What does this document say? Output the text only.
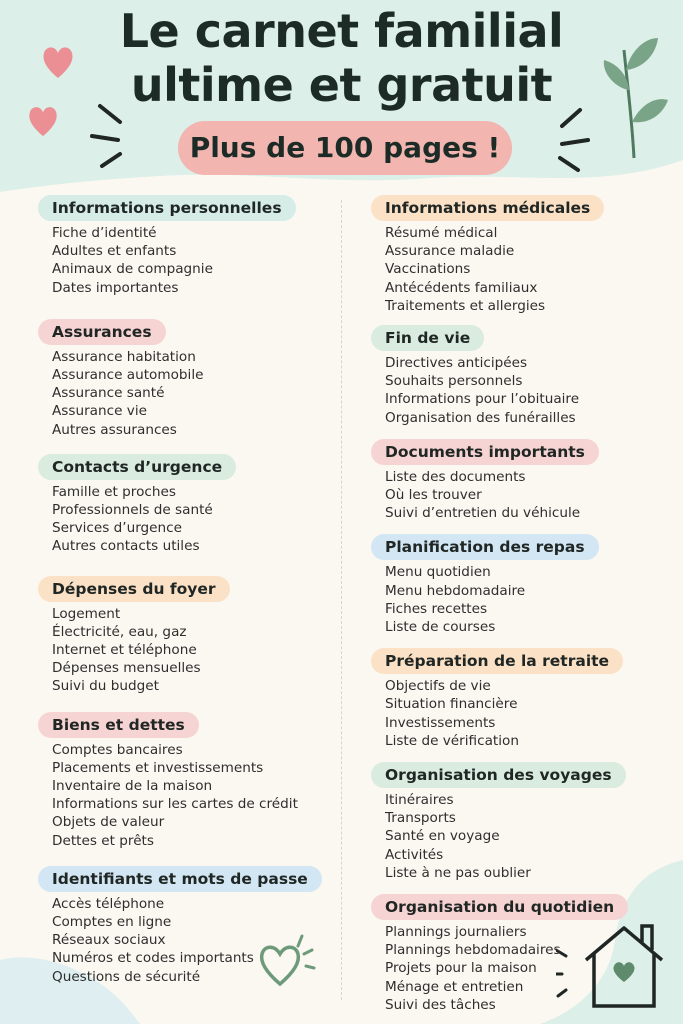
Le carnet familial
ultime et gratuit
Plus de 100 pages !
Informations personnelles
Fiche d’identité
Adultes et enfants
Animaux de compagnie
Dates importantes
Assurances
Assurance habitation
Assurance automobile
Assurance santé
Assurance vie
Autres assurances
Contacts d’urgence
Famille et proches
Professionnels de santé
Services d’urgence
Autres contacts utiles
Dépenses du foyer
Logement
Électricité, eau, gaz
Internet et téléphone
Dépenses mensuelles
Suivi du budget
Biens et dettes
Comptes bancaires
Placements et investissements
Inventaire de la maison
Informations sur les cartes de crédit
Objets de valeur
Dettes et prêts
Identifiants et mots de passe
Accès téléphone
Comptes en ligne
Réseaux sociaux
Numéros et codes importants
Questions de sécurité
Informations médicales
Résumé médical
Assurance maladie
Vaccinations
Antécédents familiaux
Traitements et allergies
Fin de vie
Directives anticipées
Souhaits personnels
Informations pour l’obituaire
Organisation des funérailles
Documents importants
Liste des documents
Où les trouver
Suivi d’entretien du véhicule
Planification des repas
Menu quotidien
Menu hebdomadaire
Fiches recettes
Liste de courses
Préparation de la retraite
Objectifs de vie
Situation financière
Investissements
Liste de vérification
Organisation des voyages
Itinéraires
Transports
Santé en voyage
Activités
Liste à ne pas oublier
Organisation du quotidien
Plannings journaliers
Plannings hebdomadaires
Projets pour la maison
Ménage et entretien
Suivi des tâches
